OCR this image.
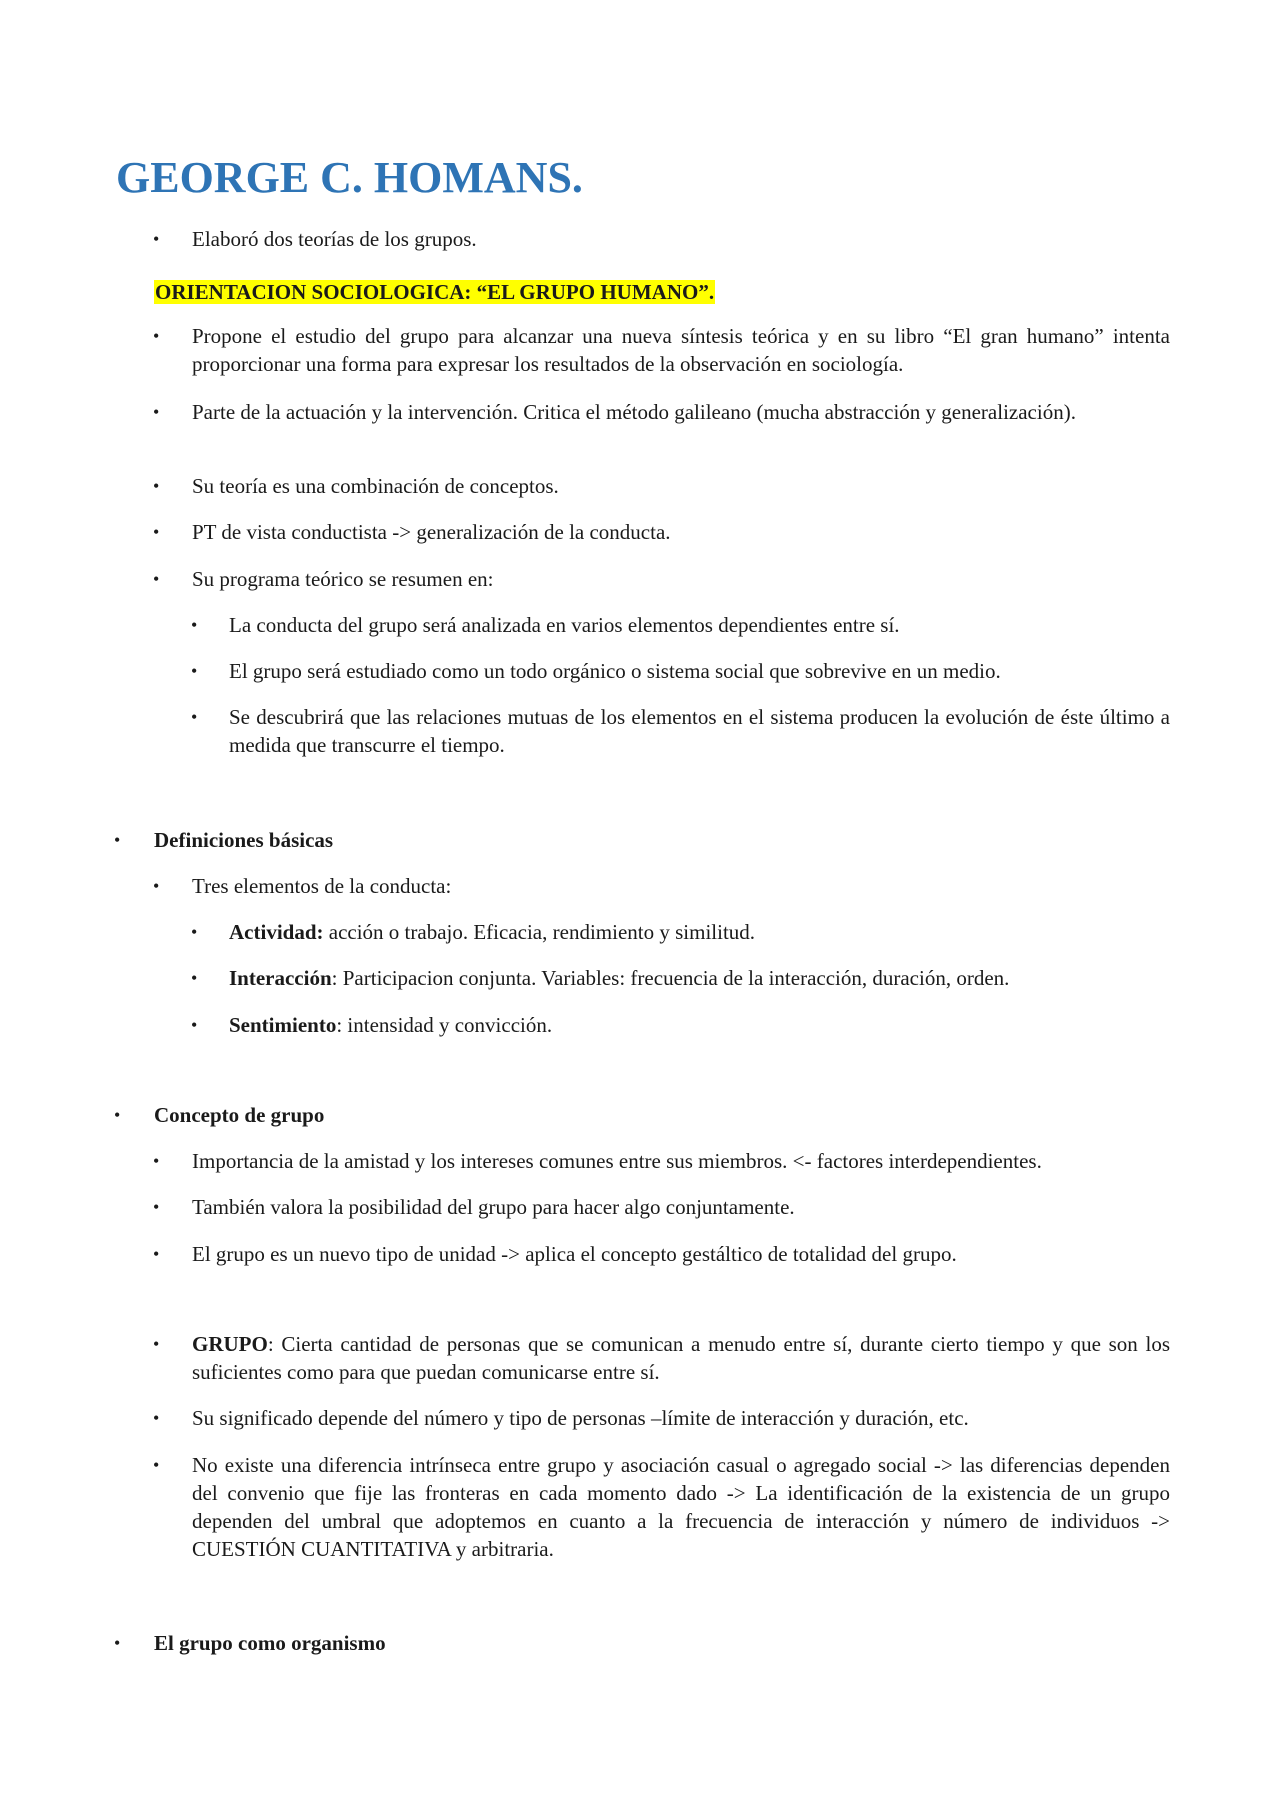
GEORGE C. HOMANS.
• Elaboró dos teorías de los grupos.
ORIENTACION SOCIOLOGICA: “EL GRUPO HUMANO”.
• Propone el estudio del grupo para alcanzar una nueva síntesis teórica y en su libro “El gran humano” intenta proporcionar una forma para expresar los resultados de la observación en sociología.
• Parte de la actuación y la intervención. Critica el método galileano (mucha abstracción y generalización).
• Su teoría es una combinación de conceptos.
• PT de vista conductista -> generalización de la conducta.
• Su programa teórico se resumen en:
• La conducta del grupo será analizada en varios elementos dependientes entre sí.
• El grupo será estudiado como un todo orgánico o sistema social que sobrevive en un medio.
• Se descubrirá que las relaciones mutuas de los elementos en el sistema producen la evolución de éste último a medida que transcurre el tiempo.
• Definiciones básicas
• Tres elementos de la conducta:
• Actividad: acción o trabajo. Eficacia, rendimiento y similitud.
• Interacción: Participacion conjunta. Variables: frecuencia de la interacción, duración, orden.
• Sentimiento: intensidad y convicción.
• Concepto de grupo
• Importancia de la amistad y los intereses comunes entre sus miembros. <- factores interdependientes.
• También valora la posibilidad del grupo para hacer algo conjuntamente.
• El grupo es un nuevo tipo de unidad -> aplica el concepto gestáltico de totalidad del grupo.
• GRUPO: Cierta cantidad de personas que se comunican a menudo entre sí, durante cierto tiempo y que son los suficientes como para que puedan comunicarse entre sí.
• Su significado depende del número y tipo de personas –límite de interacción y duración, etc.
• No existe una diferencia intrínseca entre grupo y asociación casual o agregado social -> las diferencias dependen del convenio que fije las fronteras en cada momento dado -> La identificación de la existencia de un grupo dependen del umbral que adoptemos en cuanto a la frecuencia de interacción y número de individuos -> CUESTIÓN CUANTITATIVA y arbitraria.
• El grupo como organismo
